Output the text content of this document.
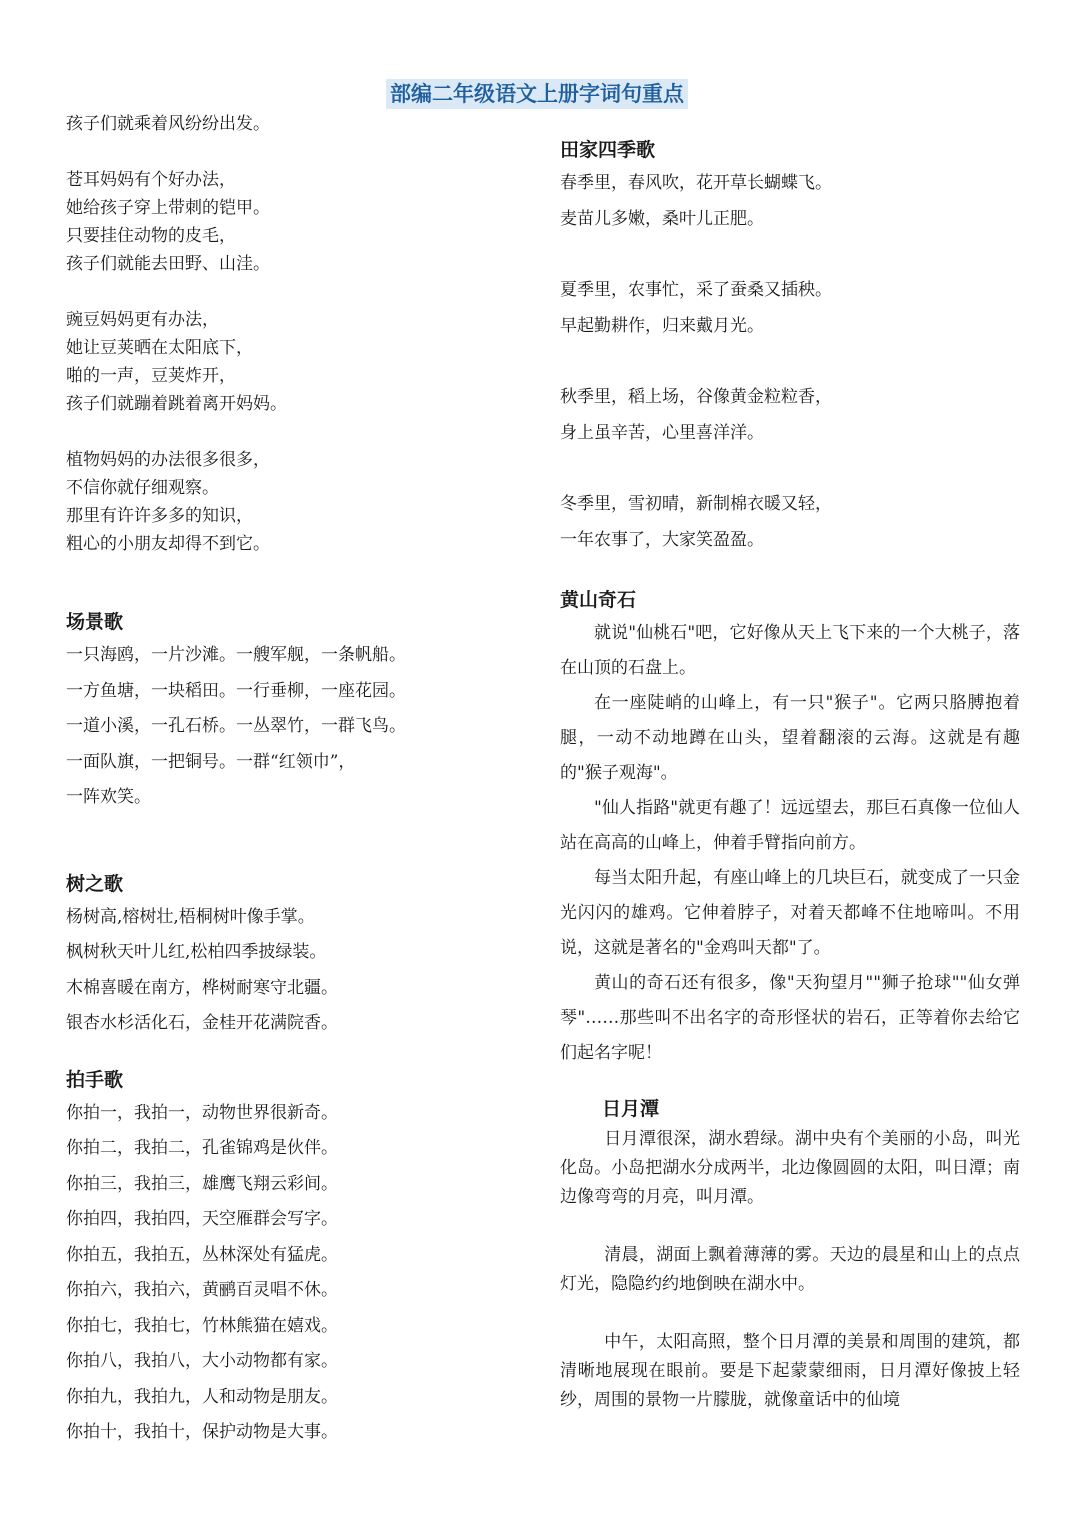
部编二年级语文上册字词句重点
孩子们就乘着风纷纷出发。
苍耳妈妈有个好办法，
她给孩子穿上带刺的铠甲。
只要挂住动物的皮毛，
孩子们就能去田野、山洼。
豌豆妈妈更有办法，
她让豆荚晒在太阳底下，
啪的一声，豆荚炸开，
孩子们就蹦着跳着离开妈妈。
植物妈妈的办法很多很多，
不信你就仔细观察。
那里有许许多多的知识，
粗心的小朋友却得不到它。
场景歌
一只海鸥，一片沙滩。一艘军舰，一条帆船。
一方鱼塘，一块稻田。一行垂柳，一座花园。
一道小溪，一孔石桥。一丛翠竹，一群飞鸟。
一面队旗，一把铜号。一群“红领巾”，
一阵欢笑。
树之歌
杨树高,榕树壮,梧桐树叶像手掌。
枫树秋天叶儿红,松柏四季披绿装。
木棉喜暖在南方，桦树耐寒守北疆。
银杏水杉活化石，金桂开花满院香。
拍手歌
你拍一，我拍一，动物世界很新奇。
你拍二，我拍二，孔雀锦鸡是伙伴。
你拍三，我拍三，雄鹰飞翔云彩间。
你拍四，我拍四，天空雁群会写字。
你拍五，我拍五，丛林深处有猛虎。
你拍六，我拍六，黄鹂百灵唱不休。
你拍七，我拍七，竹林熊猫在嬉戏。
你拍八，我拍八，大小动物都有家。
你拍九，我拍九，人和动物是朋友。
你拍十，我拍十，保护动物是大事。
田家四季歌
春季里，春风吹，花开草长蝴蝶飞。
麦苗儿多嫩，桑叶儿正肥。
夏季里，农事忙，采了蚕桑又插秧。
早起勤耕作，归来戴月光。
秋季里，稻上场，谷像黄金粒粒香，
身上虽辛苦，心里喜洋洋。
冬季里，雪初晴，新制棉衣暖又轻，
一年农事了，大家笑盈盈。
黄山奇石
就说"仙桃石"吧，它好像从天上飞下来的一个大桃子，落在山顶的石盘上。
在一座陡峭的山峰上，有一只"猴子"。它两只胳膊抱着腿，一动不动地蹲在山头，望着翻滚的云海。这就是有趣的"猴子观海"。
"仙人指路"就更有趣了！远远望去，那巨石真像一位仙人站在高高的山峰上，伸着手臂指向前方。
每当太阳升起，有座山峰上的几块巨石，就变成了一只金光闪闪的雄鸡。它伸着脖子，对着天都峰不住地啼叫。不用说，这就是著名的"金鸡叫天都"了。
黄山的奇石还有很多，像"天狗望月""狮子抢球""仙女弹琴"……那些叫不出名字的奇形怪状的岩石，正等着你去给它们起名字呢！
日月潭
日月潭很深，湖水碧绿。湖中央有个美丽的小岛，叫光化岛。小岛把湖水分成两半，北边像圆圆的太阳，叫日潭；南边像弯弯的月亮，叫月潭。
清晨，湖面上飘着薄薄的雾。天边的晨星和山上的点点灯光，隐隐约约地倒映在湖水中。
中午，太阳高照，整个日月潭的美景和周围的建筑，都清晰地展现在眼前。要是下起蒙蒙细雨，日月潭好像披上轻纱，周围的景物一片朦胧，就像童话中的仙境
